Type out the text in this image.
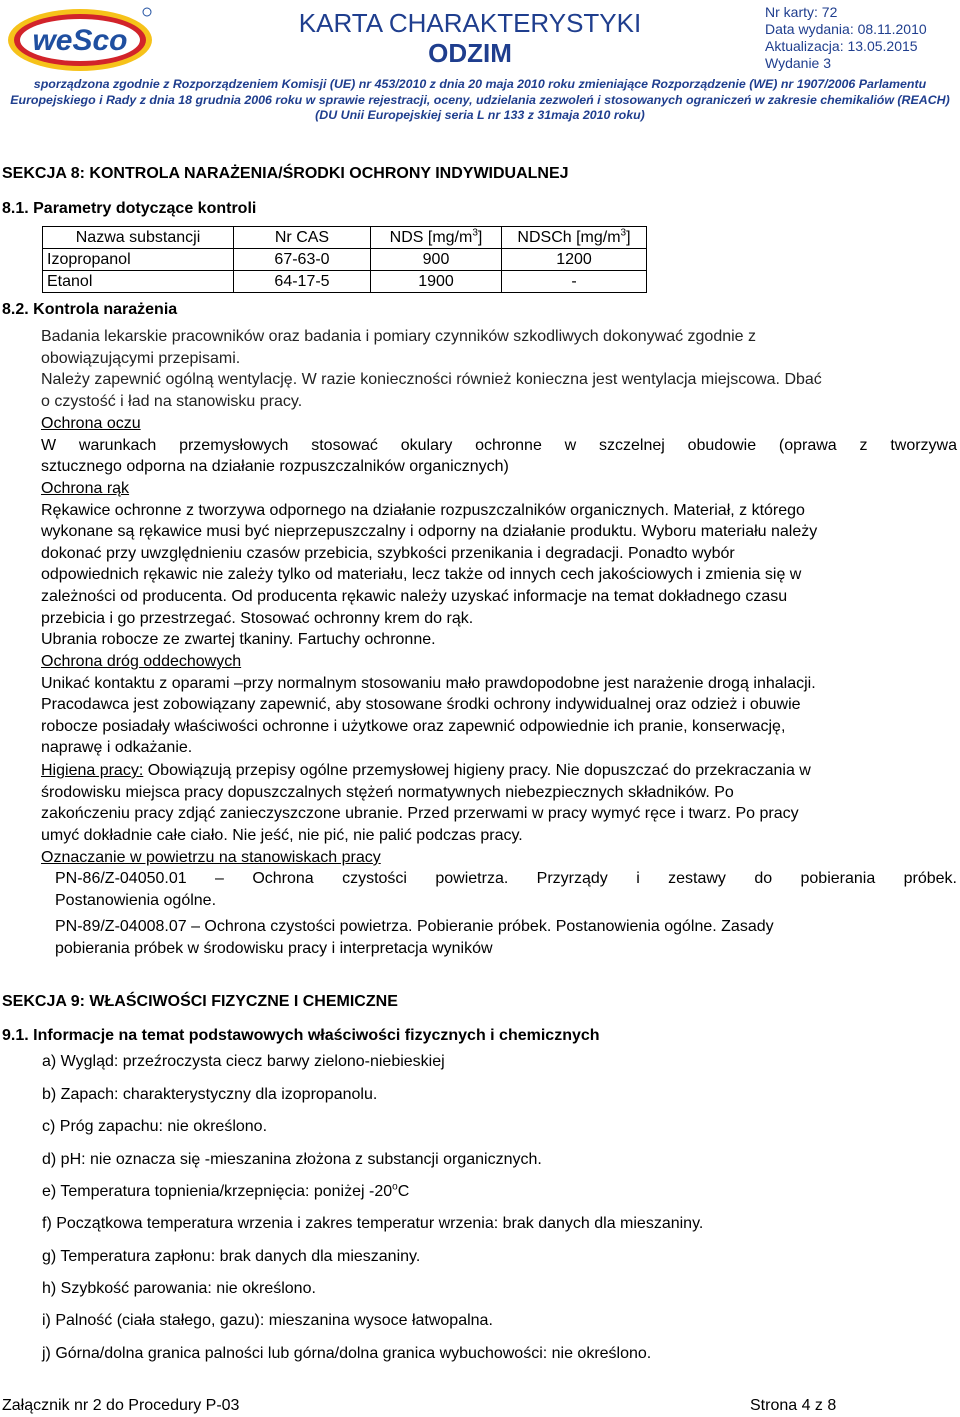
weSco
KARTA CHARAKTERYSTYKI
ODZIM
Nr karty: 72
Data wydania: 08.11.2010
Aktualizacja: 13.05.2015
Wydanie 3
sporządzona zgodnie z Rozporządzeniem Komisji (UE) nr 453/2010 z dnia 20 maja 2010 roku zmieniające Rozporządzenie (WE) nr 1907/2006 Parlamentu
Europejskiego i Rady z dnia 18 grudnia 2006 roku w sprawie rejestracji, oceny, udzielania zezwoleń i stosowanych ograniczeń w zakresie chemikaliów (REACH)
(DU Unii Europejskiej seria L nr 133 z 31maja 2010 roku)
SEKCJA 8: KONTROLA NARAŻENIA/ŚRODKI OCHRONY INDYWIDUALNEJ
8.1. Parametry dotyczące kontroli
Nazwa substancji	Nr CAS	NDS $[mg/m^3]$	NDSCh $[mg/m^3]$
Izopropanol	67-63-0	900	1200
Etanol	64-17-5	1900	-
8.2. Kontrola narażenia
Badania lekarskie pracowników oraz badania i pomiary czynników szkodliwych dokonywać zgodnie z
obowiązującymi przepisami.
Należy zapewnić ogólną wentylację. W razie konieczności również konieczna jest wentylacja miejscowa. Dbać
o czystość i ład na stanowisku pracy.
Ochrona oczu
W warunkach przemysłowych stosować okulary ochronne w szczelnej obudowie (oprawa z tworzywa
sztucznego odporna na działanie rozpuszczalników organicznych)
Ochrona rąk
Rękawice ochronne z tworzywa odpornego na działanie rozpuszczalników organicznych. Materiał, z którego
wykonane są rękawice musi być nieprzepuszczalny i odporny na działanie produktu. Wyboru materiału należy
dokonać przy uwzględnieniu czasów przebicia, szybkości przenikania i degradacji. Ponadto wybór
odpowiednich rękawic nie zależy tylko od materiału, lecz także od innych cech jakościowych i zmienia się w
zależności od producenta. Od producenta rękawic należy uzyskać informacje na temat dokładnego czasu
przebicia i go przestrzegać. Stosować ochronny krem do rąk.
Ubrania robocze ze zwartej tkaniny. Fartuchy ochronne.
Ochrona dróg oddechowych
Unikać kontaktu z oparami –przy normalnym stosowaniu mało prawdopodobne jest narażenie drogą inhalacji.
Pracodawca jest zobowiązany zapewnić, aby stosowane środki ochrony indywidualnej oraz odzież i obuwie
robocze posiadały właściwości ochronne i użytkowe oraz zapewnić odpowiednie ich pranie, konserwację,
naprawę i odkażanie.
Higiena pracy: Obowiązują przepisy ogólne przemysłowej higieny pracy. Nie dopuszczać do przekraczania w
środowisku miejsca pracy dopuszczalnych stężeń normatywnych niebezpiecznych składników. Po
zakończeniu pracy zdjąć zanieczyszczone ubranie. Przed przerwami w pracy wymyć ręce i twarz. Po pracy
umyć dokładnie całe ciało. Nie jeść, nie pić, nie palić podczas pracy.
Oznaczanie w powietrzu na stanowiskach pracy
PN-86/Z-04050.01 – Ochrona czystości powietrza. Przyrządy i zestawy do pobierania próbek.
Postanowienia ogólne.
PN-89/Z-04008.07 – Ochrona czystości powietrza. Pobieranie próbek. Postanowienia ogólne. Zasady
pobierania próbek w środowisku pracy i interpretacja wyników
SEKCJA 9: WŁAŚCIWOŚCI FIZYCZNE I CHEMICZNE
9.1. Informacje na temat podstawowych właściwości fizycznych i chemicznych
a) Wygląd: przeźroczysta ciecz barwy zielono-niebieskiej
b) Zapach: charakterystyczny dla izopropanolu.
c) Próg zapachu: nie określono.
d) pH: nie oznacza się -mieszanina złożona z substancji organicznych.
e) Temperatura topnienia/krzepnięcia: poniżej -20$^o$C
f) Początkowa temperatura wrzenia i zakres temperatur wrzenia: brak danych dla mieszaniny.
g) Temperatura zapłonu: brak danych dla mieszaniny.
h) Szybkość parowania: nie określono.
i) Palność (ciała stałego, gazu): mieszanina wysoce łatwopalna.
j) Górna/dolna granica palności lub górna/dolna granica wybuchowości: nie określono.
Załącznik nr 2 do Procedury P-03	Strona 4 z 8
